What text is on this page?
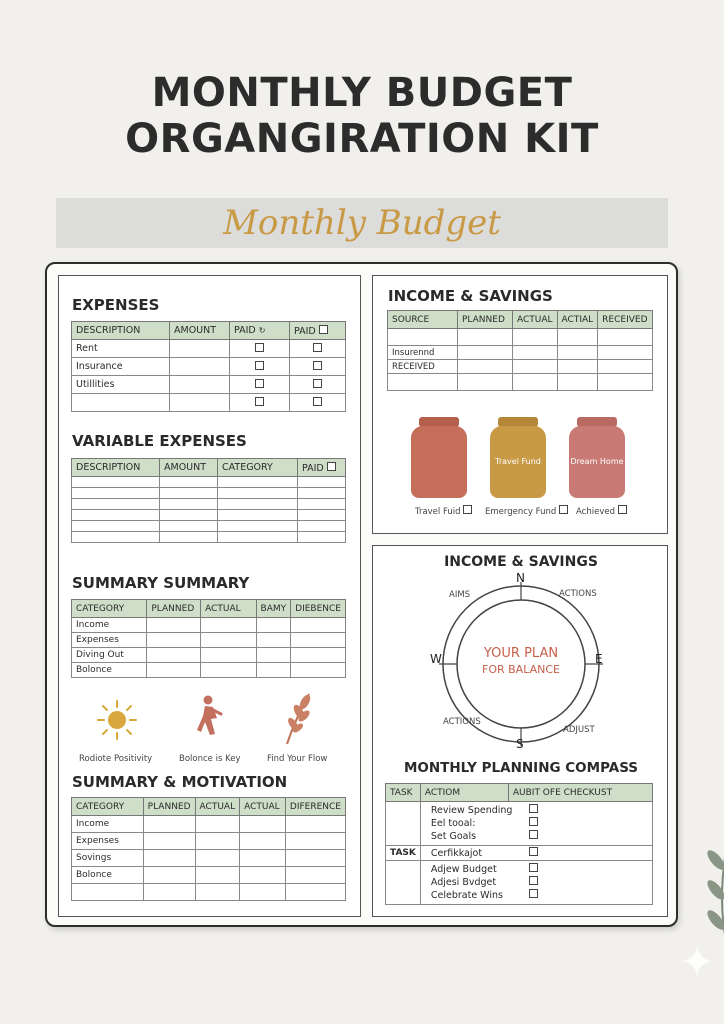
MONTHLY BUDGET
ORGANGIRATION KIT
Monthly Budget
EXPENSES
DESCRIPTION	AMOUNT	PAID ↻	PAID
Rent			
Insurance			
Utillities			

VARIABLE EXPENSES
DESCRIPTION	AMOUNT	CATEGORY	PAID

SUMMARY SUMMARY
CATEGORY	PLANNED	ACTUAL	BAMY	DIEBENCE
Income				
Expenses				
Diving Out				
Bolonce				
Rodiote Positivity	Bolonce is Key	Find Your Flow
SUMMARY & MOTIVATION
CATEGORY	PLANNED	ACTUAL	ACTUAL	DIFERENCE
Income				
Expenses				
Sovings				
Bolonce				

INCOME & SAVINGS
SOURCE	PLANNED	ACTUAL	ACTIAL	RECEIVED

Insurennd				
RECEIVED				

Travel Fund	Dream Home
Travel Fuid	Emergency Fund	Achieved
INCOME & SAVINGS
N
S
W	E
AIMS	ACTIONS
ACTIONS
ADJUST
YOUR PLAN
FOR BALANCE
MONTHLY PLANNING COMPASS
TASK	ACTIOM	AUBIT OFE CHECKUST

	Review Spending
Eel tooal:
Set Goals	

TASK	Cerfikkajot	

	Adjew Budget
Adjesi Bvdget
Celebrate Wins	
